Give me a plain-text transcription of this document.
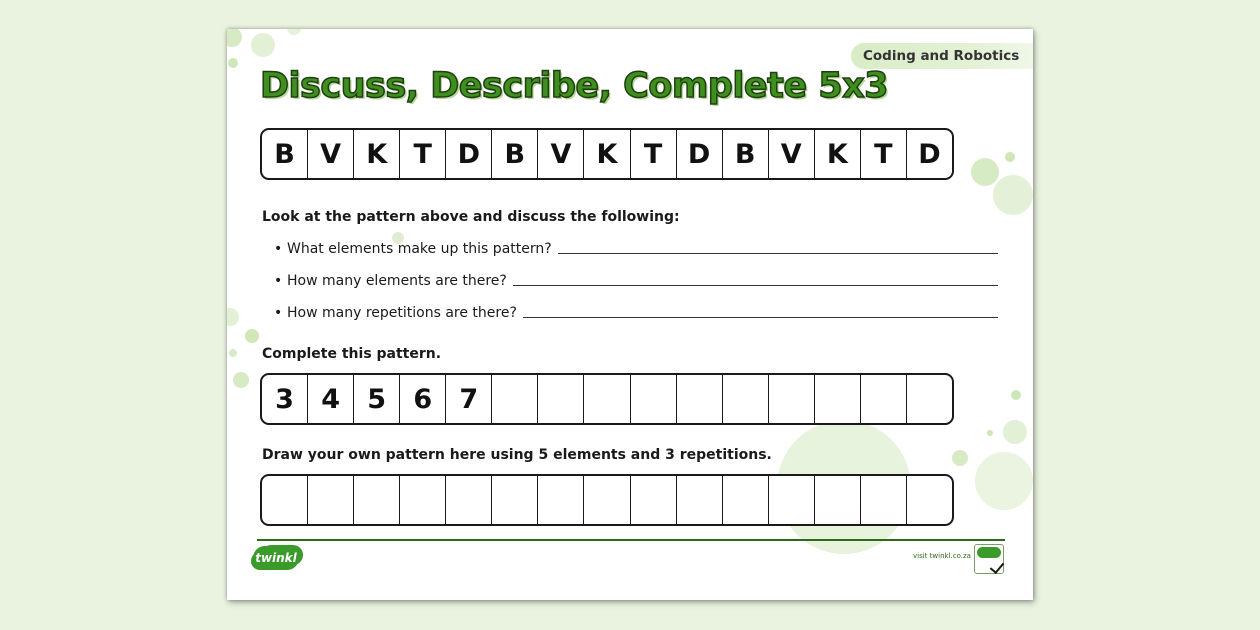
Coding and Robotics
Discuss, Describe, Complete 5x3
B V K T D B V K T D B V K T D
Look at the pattern above and discuss the following:
• What elements make up this pattern?
• How many elements are there?
• How many repetitions are there?
Complete this pattern.
3	4	5	6	7
Draw your own pattern here using 5 elements and 3 repetitions.
twinkl	visit twinkl.co.za
